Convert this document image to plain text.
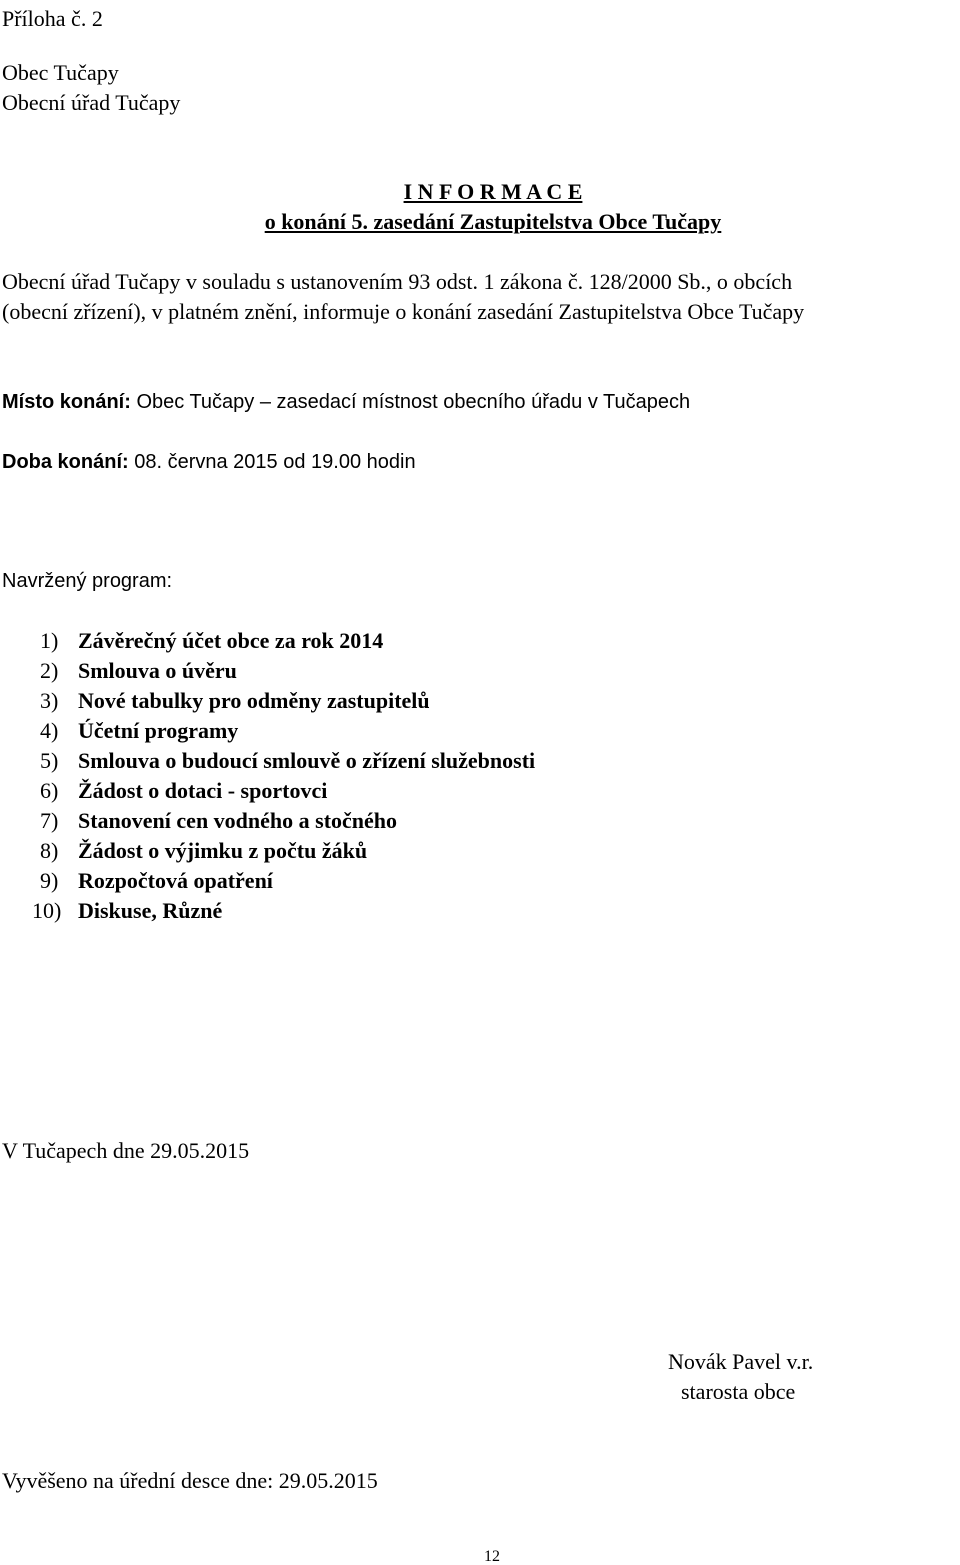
Příloha č. 2
Obec Tučapy
Obecní úřad Tučapy
I N F O R M A C E
o konání 5. zasedání Zastupitelstva Obce Tučapy
Obecní úřad Tučapy v souladu s ustanovením 93 odst. 1 zákona č. 128/2000 Sb., o obcích
(obecní zřízení), v platném znění, informuje o konání zasedání Zastupitelstva Obce Tučapy
Místo konání: Obec Tučapy – zasedací místnost obecního úřadu v Tučapech
Doba konání: 08. června 2015 od 19.00 hodin
Navržený program:
1) Závěrečný účet obce za rok 2014
2) Smlouva o úvěru
3) Nové tabulky pro odměny zastupitelů
4) Účetní programy
5) Smlouva o budoucí smlouvě o zřízení služebnosti
6) Žádost o dotaci - sportovci
7) Stanovení cen vodného a stočného
8) Žádost o výjimku z počtu žáků
9) Rozpočtová opatření
10) Diskuse, Různé
V Tučapech dne 29.05.2015
Novák Pavel v.r.
starosta obce
Vyvěšeno na úřední desce dne: 29.05.2015
12
